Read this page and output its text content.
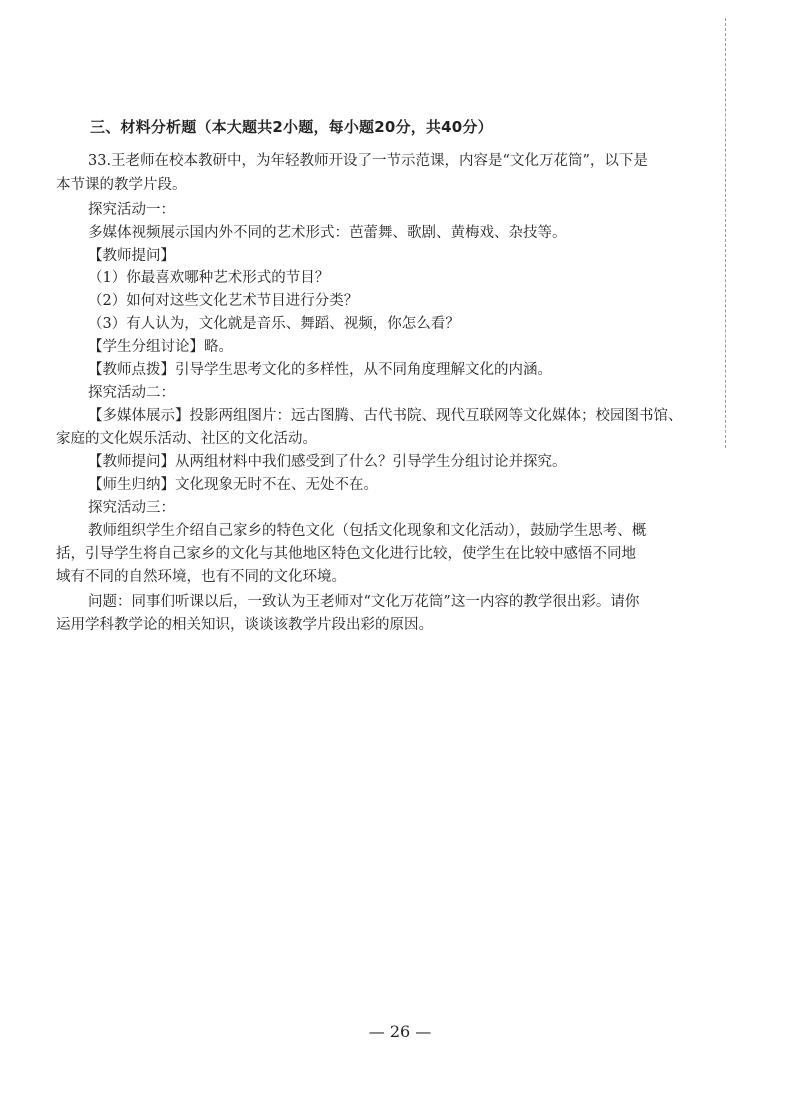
三、材料分析题（本大题共2小题，每小题20分，共40分）
33.王老师在校本教研中，为年轻教师开设了一节示范课，内容是“文化万花筒”，以下是
本节课的教学片段。
探究活动一：
多媒体视频展示国内外不同的艺术形式：芭蕾舞、歌剧、黄梅戏、杂技等。
【教师提问】
（1）你最喜欢哪种艺术形式的节目？
（2）如何对这些文化艺术节目进行分类？
（3）有人认为，文化就是音乐、舞蹈、视频，你怎么看？
【学生分组讨论】略。
【教师点拨】引导学生思考文化的多样性，从不同角度理解文化的内涵。
探究活动二：
【多媒体展示】投影两组图片：远古图腾、古代书院、现代互联网等文化媒体；校园图书馆、
家庭的文化娱乐活动、社区的文化活动。
【教师提问】从两组材料中我们感受到了什么？引导学生分组讨论并探究。
【师生归纳】文化现象无时不在、无处不在。
探究活动三：
教师组织学生介绍自己家乡的特色文化（包括文化现象和文化活动），鼓励学生思考、概
括，引导学生将自己家乡的文化与其他地区特色文化进行比较，使学生在比较中感悟不同地
域有不同的自然环境，也有不同的文化环境。
问题：同事们听课以后，一致认为王老师对“文化万花筒”这一内容的教学很出彩。请你
运用学科教学论的相关知识，谈谈该教学片段出彩的原因。
— 26 —
